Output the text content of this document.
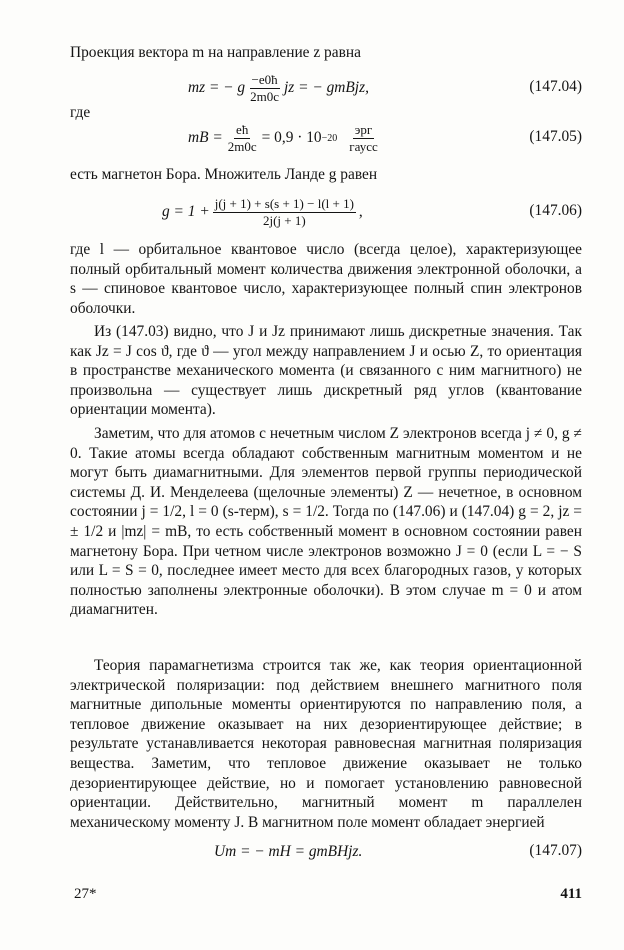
Проекция вектора m на направление z равна
mz = − g $\frac{-e0ħ}{2m0c}$ jz = − gmBjz,	(147.04)
где
mB = $\frac{eħ}{2m0c} = 0,9 \cdot 10 -20 \frac{\text{эрг}}{\text{гаусс}}$	(147.05)
есть магнетон Бора. Множитель Ланде g равен
$g = 1 + \frac{j(j + 1) + s(s + 1) - l(l + 1)}{2j(j + 1)}$ ,	(147.06)

где l — орбитальное квантовое число (всегда целое), характеризующее полный орбитальный момент количества движения электронной оболочки, а s — спиновое квантовое число, характеризующее полный спин электронов оболочки.

Из (147.03) видно, что J и Jz принимают лишь дискретные значения. Так как Jz = J cos ϑ, где ϑ — угол между направлением J и осью Z, то ориентация в пространстве механического момента (и связанного с ним магнитного) не произвольна — существует лишь дискретный ряд углов (квантование ориентации момента).

Заметим, что для атомов с нечетным числом Z электронов всегда j ≠ 0, g ≠ 0. Такие атомы всегда обладают собственным магнитным моментом и не могут быть диамагнитными. Для элементов первой группы периодической системы Д. И. Менделеева (щелочные элементы) Z — нечетное, в основном состоянии j = 1/2, l = 0 (s-терм), s = 1/2. Тогда по (147.06) и (147.04) g = 2, jz = ± 1/2 и |mz| = mB, то есть собственный момент в основном состоянии равен магнетону Бора. При четном числе электронов возможно J = 0 (если L = − S или L = S = 0, последнее имеет место для всех благородных газов, у которых полностью заполнены электронные оболочки). В этом случае m = 0 и атом диамагнитен.

Теория парамагнетизма строится так же, как теория ориентационной электрической поляризации: под действием внешнего магнитного поля магнитные дипольные моменты ориентируются по направлению поля, а тепловое движение оказывает на них дезориентирующее действие; в результате устанавливается некоторая равновесная магнитная поляризация вещества. Заметим, что тепловое движение оказывает не только дезориентирующее действие, но и помогает установлению равновесной ориентации. Действительно, магнитный момент m параллелен механическому моменту J. В магнитном поле момент обладает энергией

Um = − mH = gmBHjz.	(147.07)
27*	411
